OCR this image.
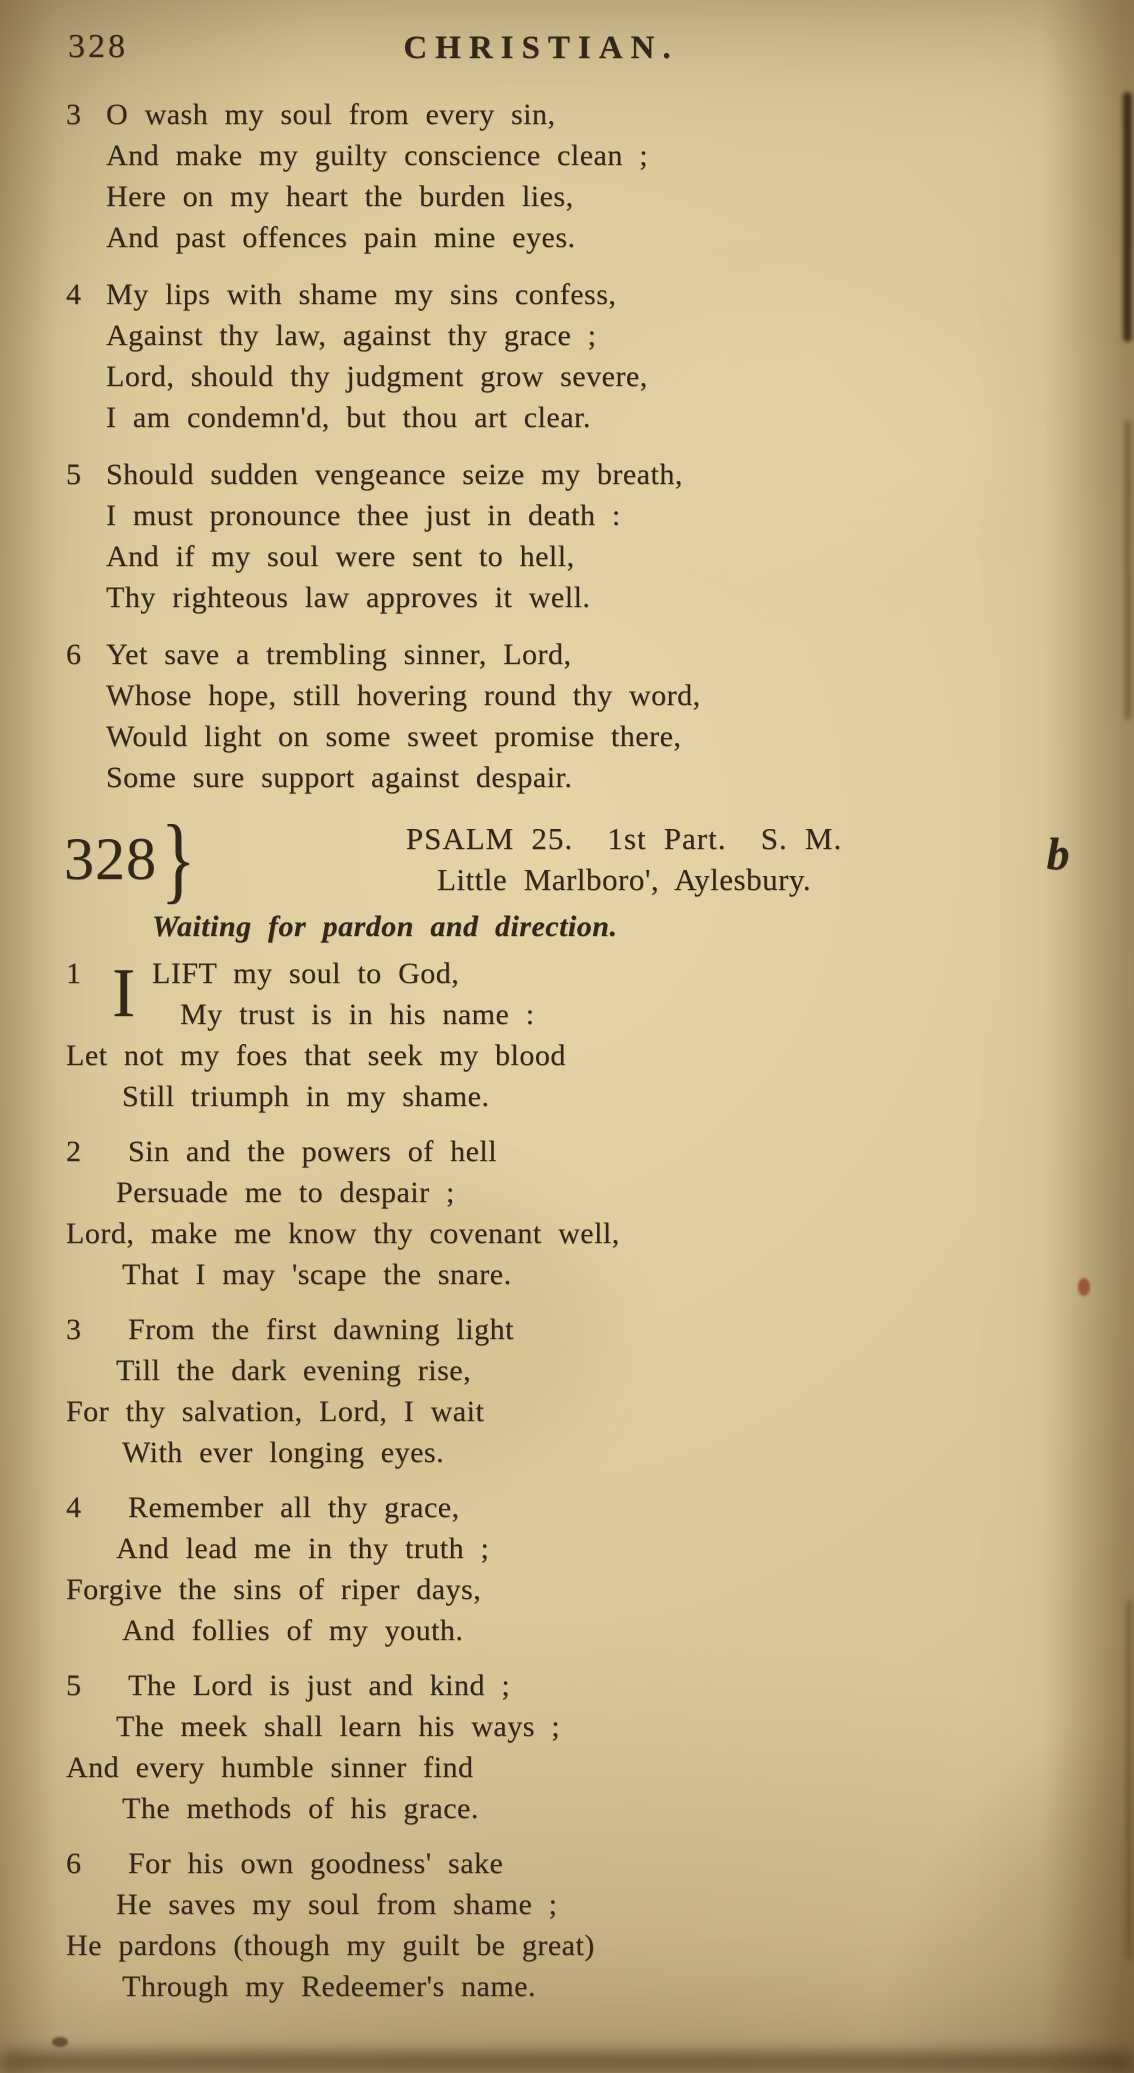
328	CHRISTIAN.
3 O wash my soul from every sin,
And make my guilty conscience clean ;
Here on my heart the burden lies,
And past offences pain mine eyes.
4 My lips with shame my sins confess,
Against thy law, against thy grace ;
Lord, should thy judgment grow severe,
I am condemn'd, but thou art clear.
5 Should sudden vengeance seize my breath,
I must pronounce thee just in death :
And if my soul were sent to hell,
Thy righteous law approves it well.
6 Yet save a trembling sinner, Lord,
Whose hope, still hovering round thy word,
Would light on some sweet promise there,
Some sure support against despair.
328 }	PSALM 25.  1st Part.  S. M.
Little Marlboro', Aylesbury.
b
Waiting for pardon and direction.
1 I LIFT my soul to God,
My trust is in his name :
Let not my foes that seek my blood
Still triumph in my shame.
2 Sin and the powers of hell
Persuade me to despair ;
Lord, make me know thy covenant well,
That I may 'scape the snare.
3 From the first dawning light
Till the dark evening rise,
For thy salvation, Lord, I wait
With ever longing eyes.
4 Remember all thy grace,
And lead me in thy truth ;
Forgive the sins of riper days,
And follies of my youth.
5 The Lord is just and kind ;
The meek shall learn his ways ;
And every humble sinner find
The methods of his grace.
6 For his own goodness' sake
He saves my soul from shame ;
He pardons (though my guilt be great)
Through my Redeemer's name.
